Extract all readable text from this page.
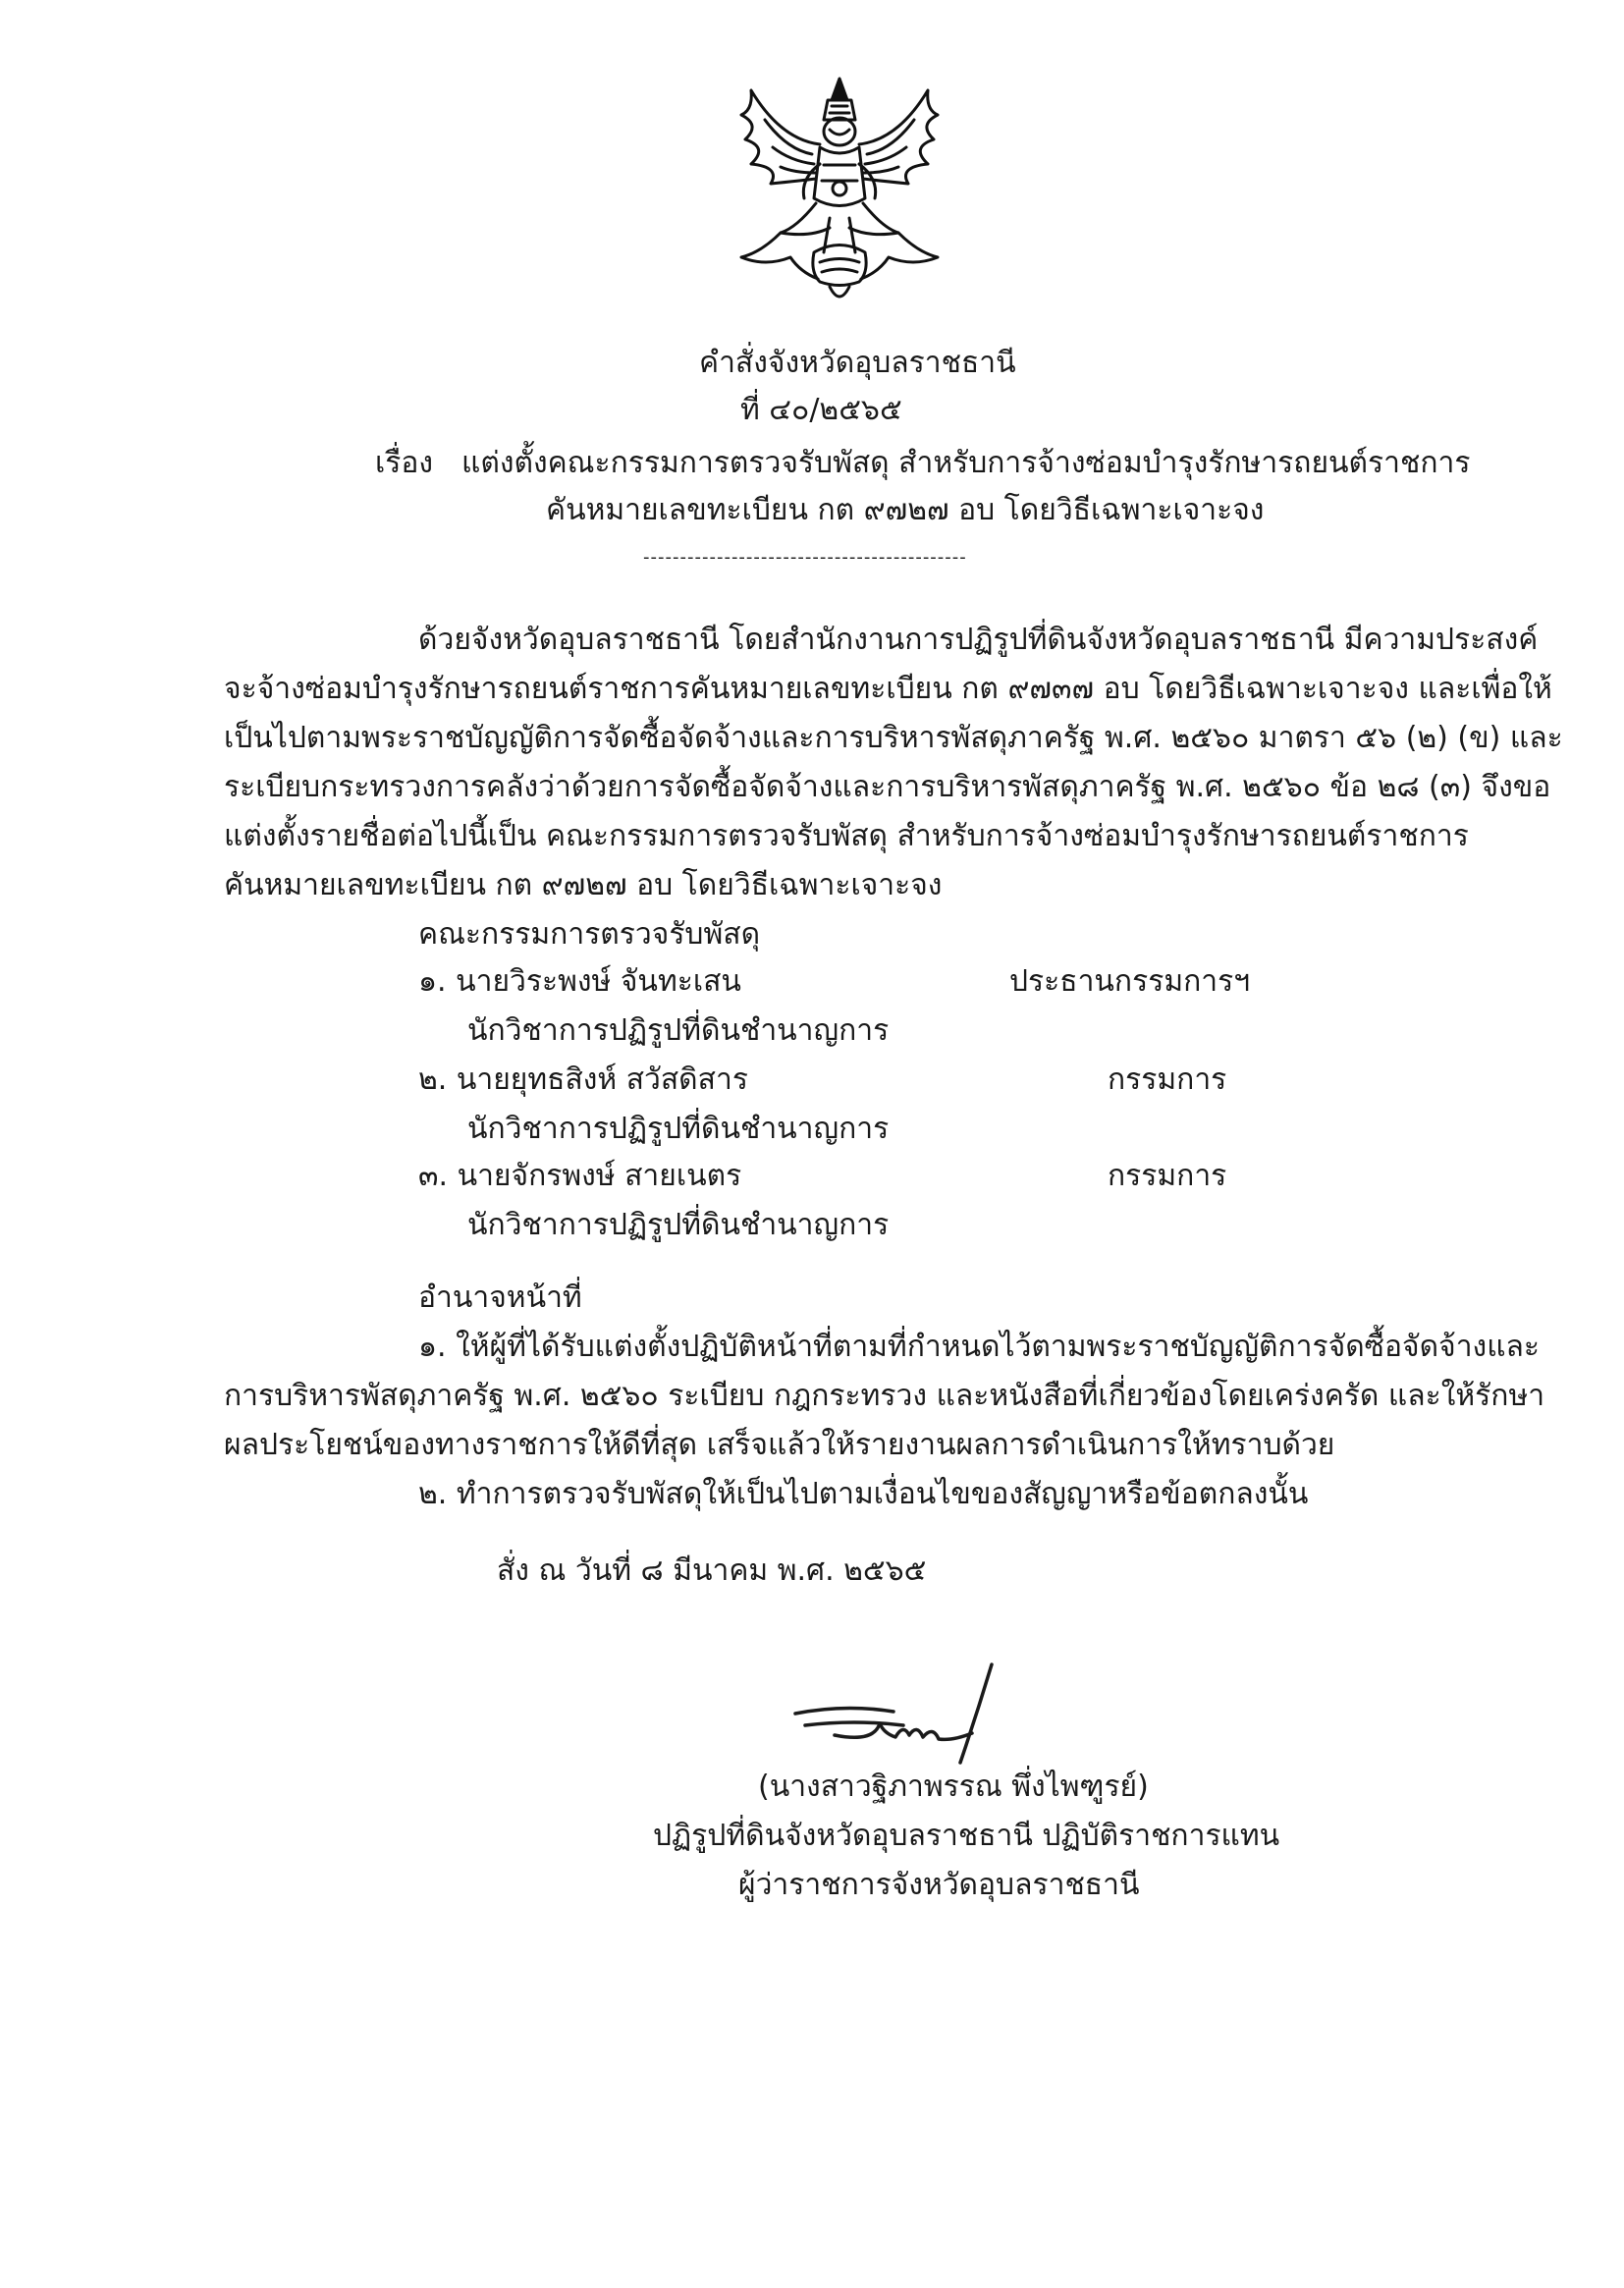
คำสั่งจังหวัดอุบลราชธานี
ที่ ๔๐/๒๕๖๕
เรื่อง แต่งตั้งคณะกรรมการตรวจรับพัสดุ สำหรับการจ้างซ่อมบำรุงรักษารถยนต์ราชการ
คันหมายเลขทะเบียน กต ๙๗๒๗ อบ โดยวิธีเฉพาะเจาะจง
--------------------------------------------
ด้วยจังหวัดอุบลราชธานี โดยสำนักงานการปฏิรูปที่ดินจังหวัดอุบลราชธานี มีความประสงค์
จะจ้างซ่อมบำรุงรักษารถยนต์ราชการคันหมายเลขทะเบียน กต ๙๗๓๗ อบ โดยวิธีเฉพาะเจาะจง และเพื่อให้
เป็นไปตามพระราชบัญญัติการจัดซื้อจัดจ้างและการบริหารพัสดุภาครัฐ พ.ศ. ๒๕๖๐ มาตรา ๕๖ (๒) (ข) และ
ระเบียบกระทรวงการคลังว่าด้วยการจัดซื้อจัดจ้างและการบริหารพัสดุภาครัฐ พ.ศ. ๒๕๖๐ ข้อ ๒๘ (๓) จึงขอ
แต่งตั้งรายชื่อต่อไปนี้เป็น คณะกรรมการตรวจรับพัสดุ สำหรับการจ้างซ่อมบำรุงรักษารถยนต์ราชการ
คันหมายเลขทะเบียน กต ๙๗๒๗ อบ โดยวิธีเฉพาะเจาะจง
คณะกรรมการตรวจรับพัสดุ
๑. นายวิระพงษ์ จันทะเสน	ประธานกรรมการฯ
นักวิชาการปฏิรูปที่ดินชำนาญการ
๒. นายยุทธสิงห์ สวัสดิสาร	กรรมการ
นักวิชาการปฏิรูปที่ดินชำนาญการ
๓. นายจักรพงษ์ สายเนตร	กรรมการ
นักวิชาการปฏิรูปที่ดินชำนาญการ
อำนาจหน้าที่
๑. ให้ผู้ที่ได้รับแต่งตั้งปฏิบัติหน้าที่ตามที่กำหนดไว้ตามพระราชบัญญัติการจัดซื้อจัดจ้างและ
การบริหารพัสดุภาครัฐ พ.ศ. ๒๕๖๐ ระเบียบ กฎกระทรวง และหนังสือที่เกี่ยวข้องโดยเคร่งครัด และให้รักษา
ผลประโยชน์ของทางราชการให้ดีที่สุด เสร็จแล้วให้รายงานผลการดำเนินการให้ทราบด้วย
๒. ทำการตรวจรับพัสดุให้เป็นไปตามเงื่อนไขของสัญญาหรือข้อตกลงนั้น
สั่ง ณ วันที่ ๘ มีนาคม พ.ศ. ๒๕๖๕
(นางสาวฐิภาพรรณ พึ่งไพฑูรย์)
ปฏิรูปที่ดินจังหวัดอุบลราชธานี ปฏิบัติราชการแทน
ผู้ว่าราชการจังหวัดอุบลราชธานี
